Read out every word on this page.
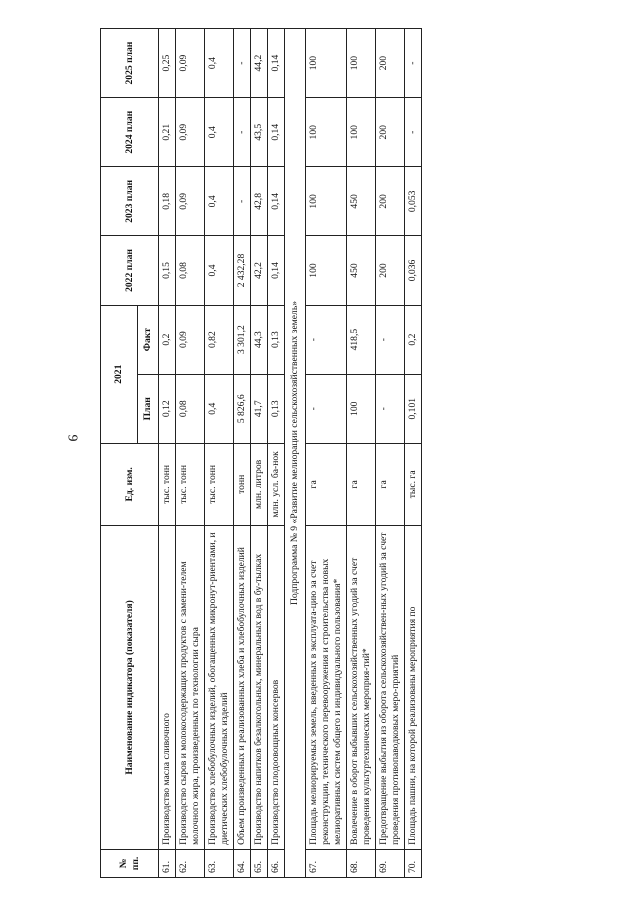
9
№ пп.	Наименование индикатора (показателя)	Ед. изм.	2021		2022 план	2023 план	2024 план	2025 план
			План	Факт				
61.	Производство масла сливочного	тыс. тонн	0,12	0,2	0,15	0,18	0,21	0,25
62.	Производство сыров и молокосодержащих продуктов с замени-телем молочного жира, произведенных по технологии сыра	тыс. тонн	0,08	0,09	0,08	0,09	0,09	0,09
63.	Производство хлебобулочных изделий, обогащенных микронут-риентами, и диетических хлебобулочных изделий	тыс. тонн	0,4	0,82	0,4	0,4	0,4	0,4
64.	Объем произведенных и реализованных хлеба и хлебобулочных изделий	тонн	5 826,6	3 301,2	2 432,28	-	-	-
65.	Производство напитков безалкогольных, минеральных вод в бу-тылках	млн. литров	41,7	44,3	42,2	42,8	43,5	44,2
66.	Производство плодоовощных консервов	млн. усл. ба-нок	0,13	0,13	0,14	0,14	0,14	0,14
Подпрограмма № 9 «Развитие мелиорации сельскохозяйственных земель»								
67.	Площадь мелиорируемых земель, введенных в эксплуата-цию за счет реконструкции, технического перевооружения и строительства новых мелиоративных систем общего и индивидуального пользования*	га	-	-	100	100	100	100
68.	Вовлечение в оборот выбывших сельскохозяйственных угодий за счет проведения культуртехнических мероприя-тий*	га	100	418,5	450	450	100	100
69.	Предотвращение выбытия из оборота сельскохозяйствен-ных угодий за счет проведения противопаводковых меро-приятий	га	-	-	200	200	200	200
70.	Площадь пашни, на которой реализованы мероприятия по	тыс. га	0,101	0,2	0,036	0,053	-	-
